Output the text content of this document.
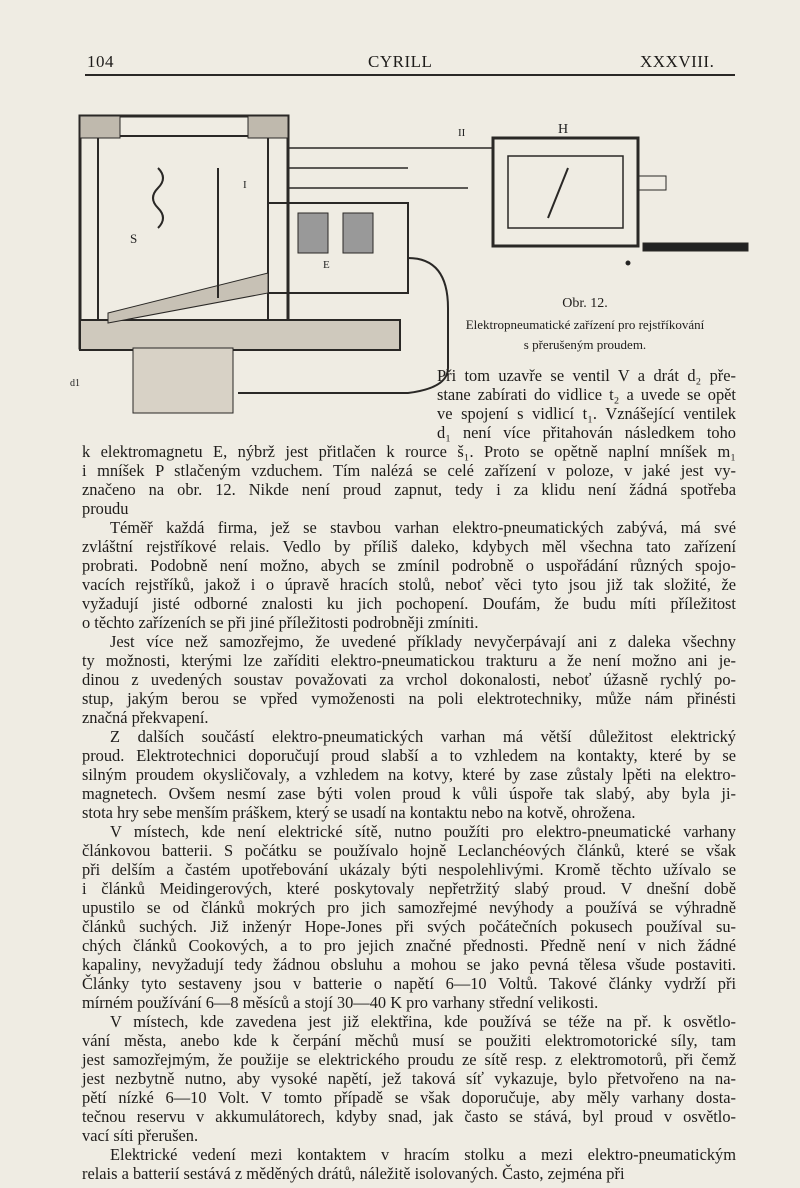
104	CYRILL	XXXVIII.
H
I
II
S
E
d1
Obr. 12.
Elektropneumatické zařízení pro rejstříkování
s přerušeným proudem.
Při tom uzavře se ventil V a drát d₂ pře-
stane zabírati do vidlice t₂ a uvede se opět
ve spojení s vidlicí t₁. Vznášející ventilek
d₁ není více přitahován následkem toho
k elektromagnetu E, nýbrž jest přitlačen k rource š₁. Proto se opětně naplní mníšek m₁
i mníšek P stlačeným vzduchem. Tím nalézá se celé zařízení v poloze, v jaké jest vy-
značeno na obr. 12. Nikde není proud zapnut, tedy i za klidu není žádná spotřeba
proudu
Téměř každá firma, jež se stavbou varhan elektro-pneumatických zabývá, má své
zvláštní rejstříkové relais. Vedlo by příliš daleko, kdybych měl všechna tato zařízení
probrati. Podobně není možno, abych se zmínil podrobně o uspořádání různých spojo-
vacích rejstříků, jakož i o úpravě hracích stolů, neboť věci tyto jsou již tak složité, že
vyžadují jisté odborné znalosti ku jich pochopení. Doufám, že budu míti příležitost
o těchto zařízeních se při jiné příležitosti podrobněji zmíniti.
Jest více než samozřejmo, že uvedené příklady nevyčerpávají ani z daleka všechny
ty možnosti, kterými lze zaříditi elektro-pneumatickou trakturu a že není možno ani je-
dinou z uvedených soustav považovati za vrchol dokonalosti, neboť úžasně rychlý po-
stup, jakým berou se vpřed vymoženosti na poli elektrotechniky, může nám přinésti
značná překvapení.
Z dalších součástí elektro-pneumatických varhan má větší důležitost elektrický
proud. Elektrotechnici doporučují proud slabší a to vzhledem na kontakty, které by se
silným proudem okysličovaly, a vzhledem na kotvy, které by zase zůstaly lpěti na elektro-
magnetech. Ovšem nesmí zase býti volen proud k vůli úspoře tak slabý, aby byla ji-
stota hry sebe menším práškem, který se usadí na kontaktu nebo na kotvě, ohrožena.
V místech, kde není elektrické sítě, nutno použíti pro elektro-pneumatické varhany
článkovou batterii. S počátku se používalo hojně Leclanchéových článků, které se však
při delším a častém upotřebování ukázaly býti nespolehlivými. Kromě těchto užívalo se
i článků Meidingerových, které poskytovaly nepřetržitý slabý proud. V dnešní době
upustilo se od článků mokrých pro jich samozřejmé nevýhody a používá se výhradně
článků suchých. Již inženýr Hope-Jones při svých počátečních pokusech používal su-
chých článků Cookových, a to pro jejich značné přednosti. Předně není v nich žádné
kapaliny, nevyžadují tedy žádnou obsluhu a mohou se jako pevná tělesa všude postaviti.
Články tyto sestaveny jsou v batterie o napětí 6—10 Voltů. Takové články vydrží při
mírném používání 6—8 měsíců a stojí 30—40 K pro varhany střední velikosti.
V místech, kde zavedena jest již elektřina, kde používá se téže na př. k osvětlo-
vání města, anebo kde k čerpání měchů musí se použiti elektromotorické síly, tam
jest samozřejmým, že použije se elektrického proudu ze sítě resp. z elektromotorů, při čemž
jest nezbytně nutno, aby vysoké napětí, jež taková síť vykazuje, bylo přetvořeno na na-
pětí nízké 6—10 Volt. V tomto případě se však doporučuje, aby měly varhany dosta-
tečnou reservu v akkumulátorech, kdyby snad, jak často se stává, byl proud v osvětlo-
vací síti přerušen.
Elektrické vedení mezi kontaktem v hracím stolku a mezi elektro-pneumatickým
relais a batterií sestává z měděných drátů, náležitě isolovaných. Často, zejména při
